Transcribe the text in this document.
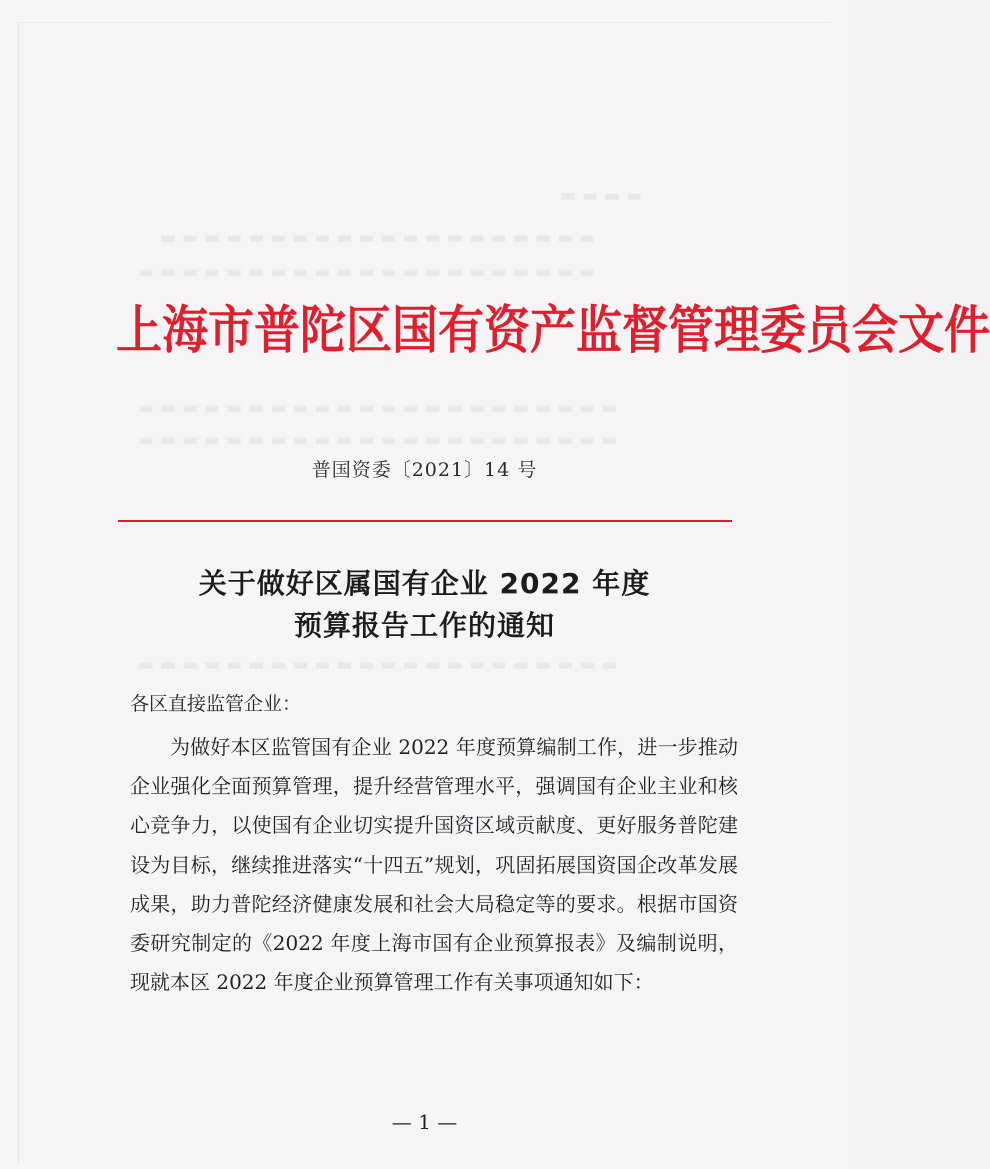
▬▬▬▬
▬▬▬▬▬▬▬▬▬▬▬▬▬▬▬▬▬▬▬▬
▬▬▬▬▬▬▬▬▬▬▬▬▬▬▬▬▬▬▬▬▬
▬▬▬▬▬▬▬▬▬▬▬▬▬▬▬▬▬▬▬▬▬▬
▬▬▬▬▬▬▬▬▬▬▬▬▬▬▬▬▬▬▬▬▬▬
▬▬▬▬▬▬▬▬▬▬▬▬▬▬▬▬▬▬▬▬▬▬
上 海 市 普 陀 区 国 有 资 产 监 督 管 理 委 员 会 文 件
普国资委〔2021〕14 号
关于做好区属国有企业 2022 年度
预算报告工作的通知
各区直接监管企业：

为做好本区监管国有企业 2022 年度预算编制工作，进一步推动企业强化全面预算管理，提升经营管理水平，强调国有企业主业和核心竞争力，以使国有企业切实提升国资区域贡献度、更好服务普陀建设为目标，继续推进落实“十四五”规划，巩固拓展国资国企改革发展成果，助力普陀经济健康发展和社会大局稳定等的要求。根据市国资委研究制定的《2022 年度上海市国有企业预算报表》及编制说明，现就本区 2022 年度企业预算管理工作有关事项通知如下：

— 1 —
